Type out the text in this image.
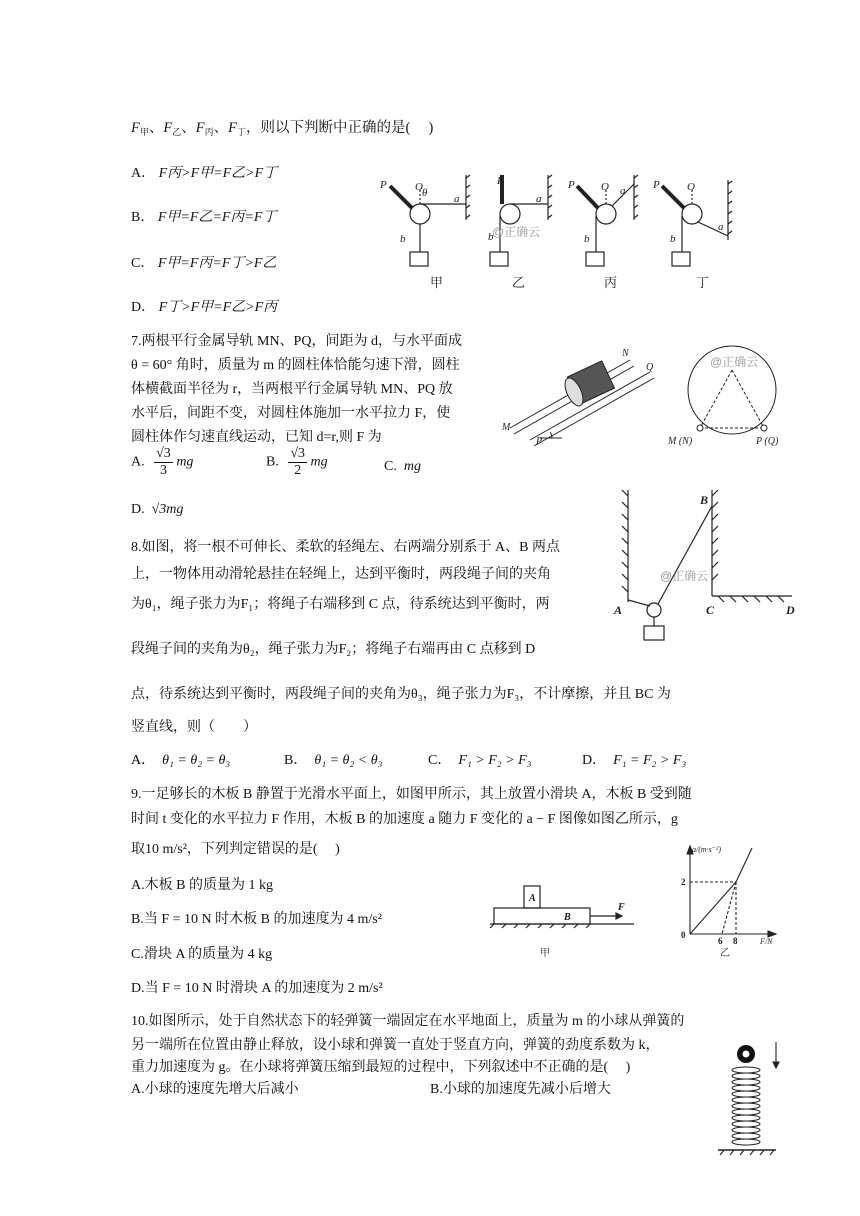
$F_甲$、$F_乙$、$F_丙$、$F_丁$，则以下判断中正确的是(　 )
A． F丙>F甲=F乙>F丁
B． F甲=F乙=F丙=F丁
C． F甲=F丙=F丁>F乙
D． F丁>F甲=F乙>F丙
P	O θ a
b
P
a
b
P O a
b
P O
a
b
@正确云
甲	乙	丙	丁
7.两根平行金属导轨 MN、PQ，间距为 d，与水平面成
θ = 60° 角时，质量为 m 的圆柱体恰能匀速下滑，圆柱
体横截面半径为 r，当两根平行金属导轨 MN、PQ 放
水平后，间距不变，对圆柱体施加一水平拉力 F，使
圆柱体作匀速直线运动，已知 d=r,则 F 为
A. $\frac{√3}{3}$ mg	B. $\frac{√3}{2}$ mg	C. mg
D. √3mg
N
Q
M
P
@正确云
M (N)	P (Q)
8.如图，将一根不可伸长、柔软的轻绳左、右两端分别系于 A、B 两点
上，一物体用动滑轮悬挂在轻绳上，达到平衡时，两段绳子间的夹角
为θ₁，绳子张力为F₁；将绳子右端移到 C 点，待系统达到平衡时，两
段绳子间的夹角为θ₂，绳子张力为F₂；将绳子右端再由 C 点移到 D
点，待系统达到平衡时，两段绳子间的夹角为θ₃，绳子张力为F₃，不计摩擦，并且 BC 为
竖直线，则（　　）
A． θ₁ = θ₂ = θ₃	B． θ₁ = θ₂ < θ₃	C． F₁ > F₂ > F₃	D． F₁ = F₂ > F₃
B
A	C	D
@正确云
9.一足够长的木板 B 静置于光滑水平面上，如图甲所示，其上放置小滑块 A，木板 B 受到随
时间 t 变化的水平拉力 F 作用，木板 B 的加速度 a 随力 F 变化的 a − F 图像如图乙所示，g
取10 m/s²，下列判定错误的是(　 )
A.木板 B 的质量为 1 kg
B.当 F = 10 N 时木板 B 的加速度为 4 m/s²
C.滑块 A 的质量为 4 kg
D.当 F = 10 N 时滑块 A 的加速度为 2 m/s²
A
B
F
甲
a/(m·s⁻²)
F/N
0
2
6 8
乙
10.如图所示，处于自然状态下的轻弹簧一端固定在水平地面上，质量为 m 的小球从弹簧的
另一端所在位置由静止释放，设小球和弹簧一直处于竖直方向，弹簧的劲度系数为 k，
重力加速度为 g。在小球将弹簧压缩到最短的过程中，下列叙述中不正确的是(　 )
A.小球的速度先增大后减小	B.小球的加速度先减小后增大
